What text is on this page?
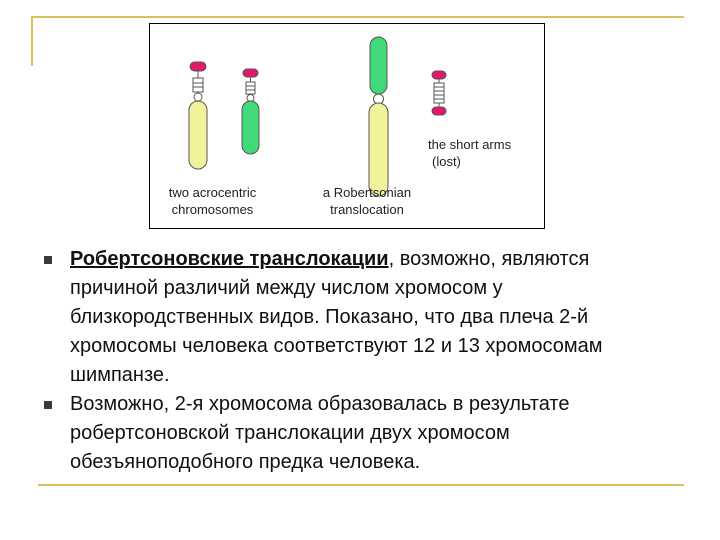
two acrocentric
chromosomes
a Robertsonian
translocation
the short arms
(lost)
Робертсоновские транслокации, возможно, являются причиной различий между числом хромосом у близкородственных видов. Показано, что два плеча 2-й хромосомы человека соответствуют 12 и 13 хромосомам шимпанзе.
Возможно, 2-я хромосома образовалась в результате робертсоновской транслокации двух хромосом обезъяноподобного предка человека.
